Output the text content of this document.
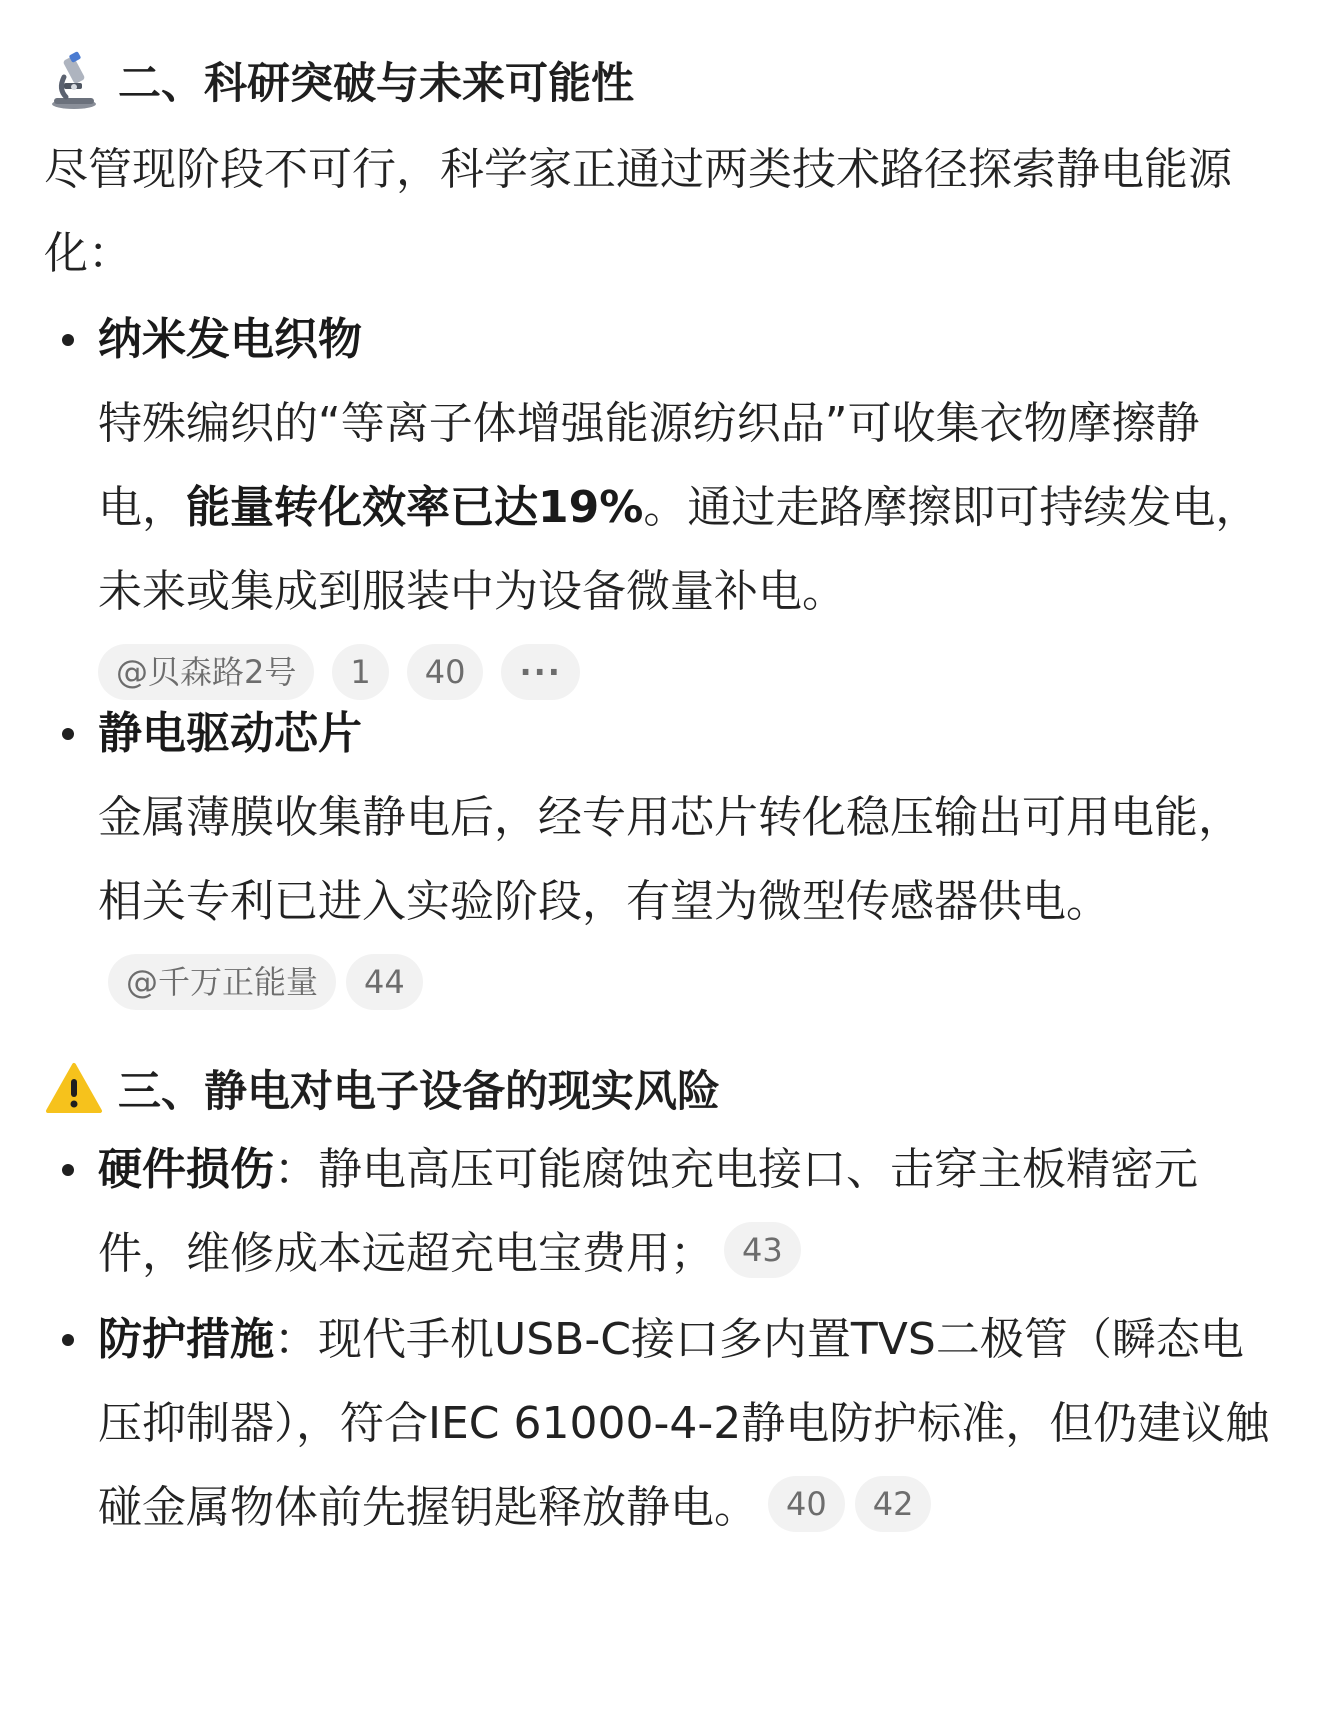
二、科研突破与未来可能性
尽管现阶段不可行，科学家正通过两类技术路径探索静电能源化：
纳米发电织物
特殊编织的“等离子体增强能源纺织品”可收集衣物摩擦静电，能量转化效率已达19%。通过走路摩擦即可持续发电，未来或集成到服装中为设备微量补电。
@贝森路2号	1	40	···
静电驱动芯片
金属薄膜收集静电后，经专用芯片转化稳压输出可用电能，相关专利已进入实验阶段，有望为微型传感器供电。@千万正能量 44
三、静电对电子设备的现实风险
硬件损伤：静电高压可能腐蚀充电接口、击穿主板精密元件，维修成本远超充电宝费用； 43
防护措施：现代手机USB-C接口多内置TVS二极管（瞬态电压抑制器），符合IEC 61000-4-2静电防护标准，但仍建议触碰金属物体前先握钥匙释放静电。 40 42
